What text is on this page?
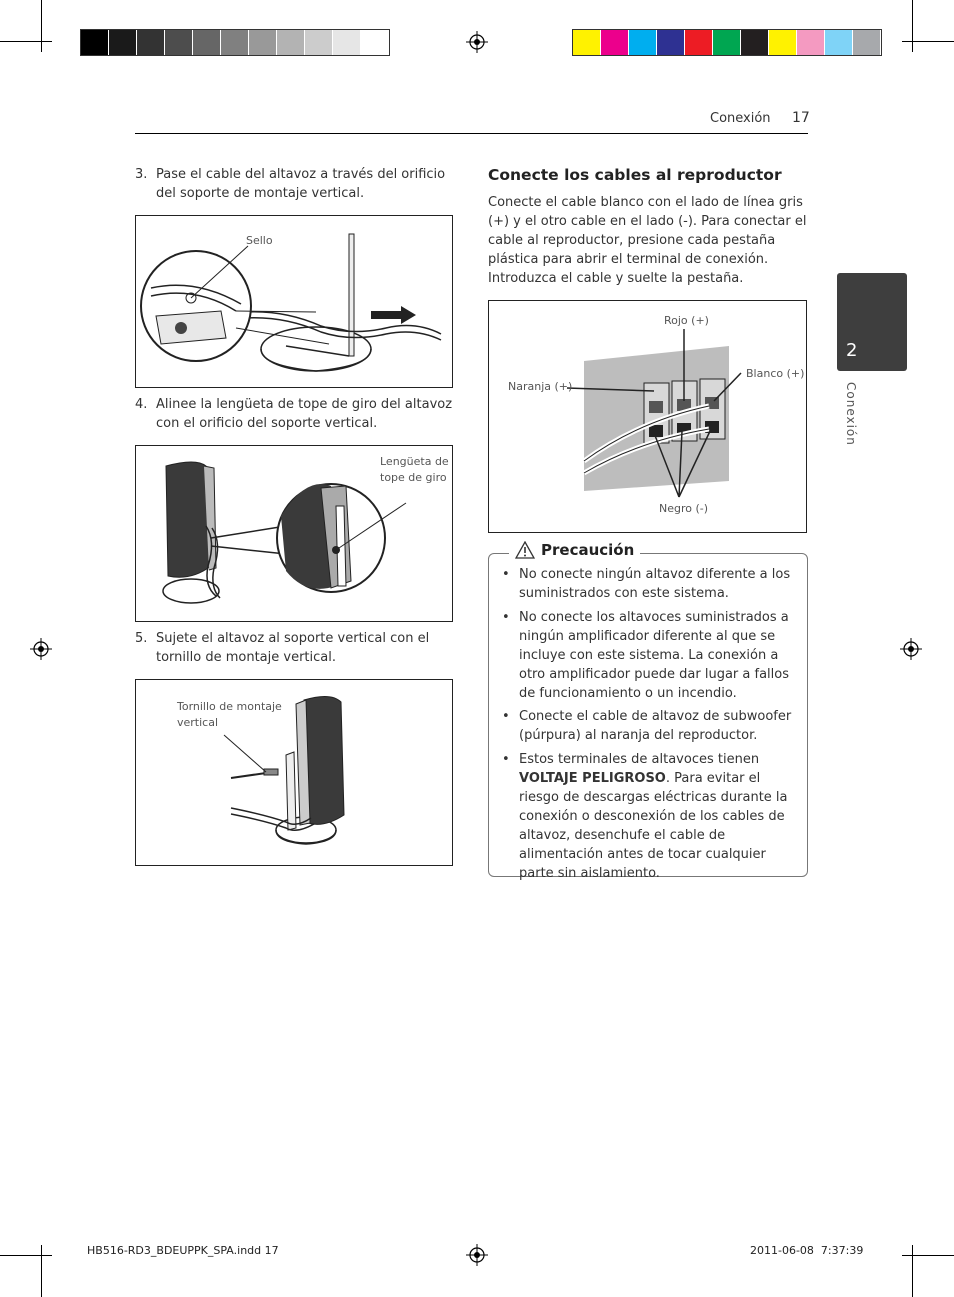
Conexión 17
2
Conexión
3. Pase el cable del altavoz a través del orificio del soporte de montaje vertical.
Sello
4. Alinee la lengüeta de tope de giro del altavoz con el orificio del soporte vertical.
Lengüeta de tope de giro
5. Sujete el altavoz al soporte vertical con el tornillo de montaje vertical.
Tornillo de montaje vertical
Conecte los cables al reproductor
Conecte el cable blanco con el lado de línea gris (+) y el otro cable en el lado (-). Para conectar el cable al reproductor, presione cada pestaña plástica para abrir el terminal de conexión. Introduzca el cable y suelte la pestaña.
Rojo (+)
Blanco (+)
Naranja (+)
Negro (-)
Precaución
• No conecte ningún altavoz diferente a los suministrados con este sistema.
• No conecte los altavoces suministrados a ningún amplificador diferente al que se incluye con este sistema. La conexión a otro amplificador puede dar lugar a fallos de funcionamiento o un incendio.
• Conecte el cable de altavoz de subwoofer (púrpura) al naranja del reproductor.
• Estos terminales de altavoces tienen VOLTAJE PELIGROSO. Para evitar el riesgo de descargas eléctricas durante la conexión o desconexión de los cables de altavoz, desenchufe el cable de alimentación antes de tocar cualquier parte sin aislamiento.
HB516-RD3_BDEUPPK_SPA.indd 17	2011-06-08 ￼ 7:37:39
